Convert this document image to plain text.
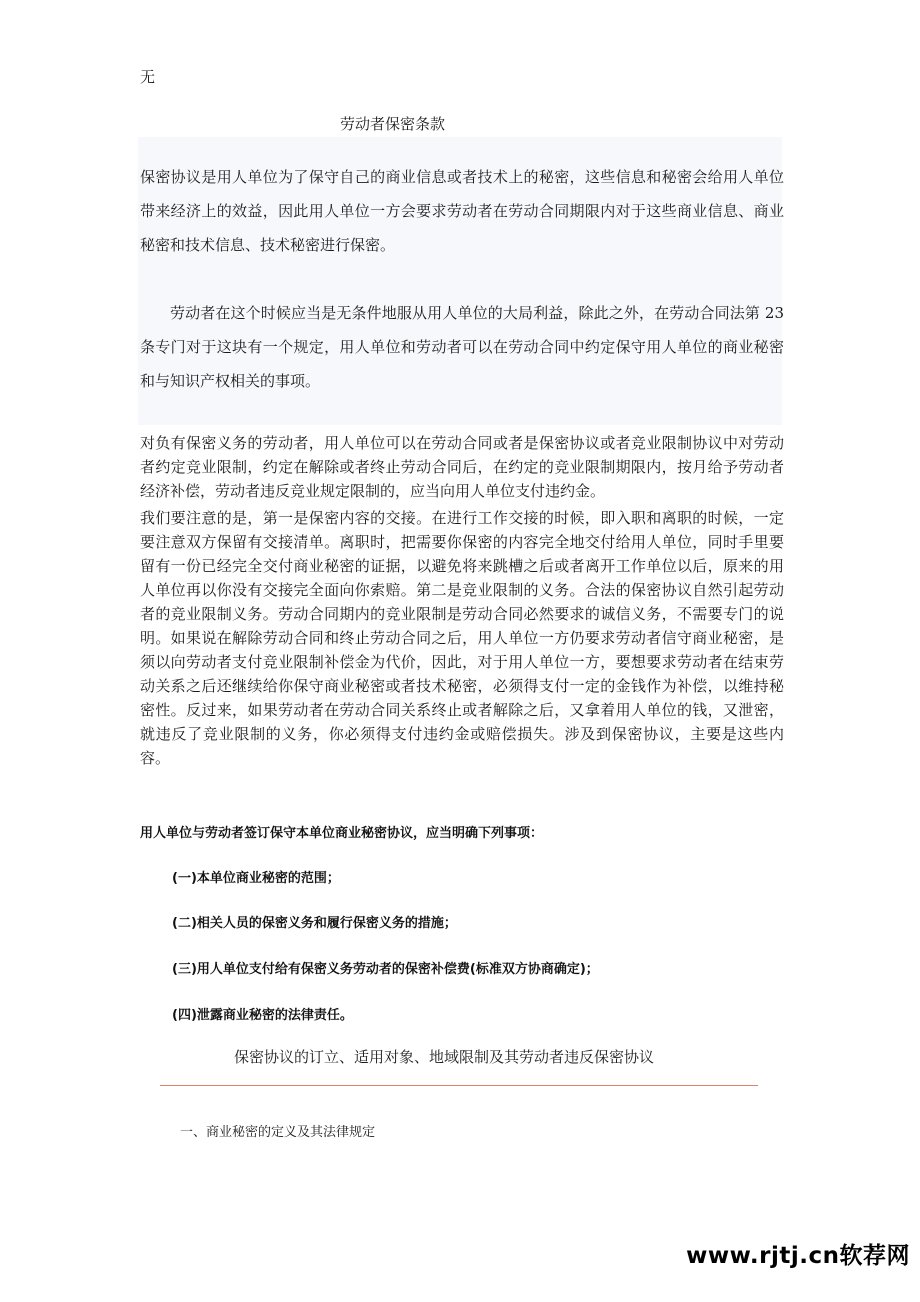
无
劳动者保密条款
保密协议是用人单位为了保守自己的商业信息或者技术上的秘密，这些信息和秘密会给用人单位带来经济上的效益，因此用人单位一方会要求劳动者在劳动合同期限内对于这些商业信息、商业秘密和技术信息、技术秘密进行保密。
劳动者在这个时候应当是无条件地服从用人单位的大局利益，除此之外，在劳动合同法第 23 条专门对于这块有一个规定，用人单位和劳动者可以在劳动合同中约定保守用人单位的商业秘密和与知识产权相关的事项。
对负有保密义务的劳动者，用人单位可以在劳动合同或者是保密协议或者竞业限制协议中对劳动者约定竞业限制，约定在解除或者终止劳动合同后，在约定的竞业限制期限内，按月给予劳动者经济补偿，劳动者违反竞业规定限制的，应当向用人单位支付违约金。
我们要注意的是，第一是保密内容的交接。在进行工作交接的时候，即入职和离职的时候，一定要注意双方保留有交接清单。离职时，把需要你保密的内容完全地交付给用人单位，同时手里要留有一份已经完全交付商业秘密的证据，以避免将来跳槽之后或者离开工作单位以后，原来的用人单位再以你没有交接完全面向你索赔。第二是竞业限制的义务。合法的保密协议自然引起劳动者的竞业限制义务。劳动合同期内的竞业限制是劳动合同必然要求的诚信义务，不需要专门的说明。如果说在解除劳动合同和终止劳动合同之后，用人单位一方仍要求劳动者信守商业秘密，是须以向劳动者支付竞业限制补偿金为代价，因此，对于用人单位一方，要想要求劳动者在结束劳动关系之后还继续给你保守商业秘密或者技术秘密，必须得支付一定的金钱作为补偿，以维持秘密性。反过来，如果劳动者在劳动合同关系终止或者解除之后，又拿着用人单位的钱，又泄密，就违反了竞业限制的义务，你必须得支付违约金或赔偿损失。涉及到保密协议，主要是这些内容。
用人单位与劳动者签订保守本单位商业秘密协议，应当明确下列事项：
(一)本单位商业秘密的范围；
(二)相关人员的保密义务和履行保密义务的措施；
(三)用人单位支付给有保密义务劳动者的保密补偿费(标准双方协商确定)；
(四)泄露商业秘密的法律责任。
保密协议的订立、适用对象、地域限制及其劳动者违反保密协议
一、商业秘密的定义及其法律规定
www.rjtj.cn软荐网
